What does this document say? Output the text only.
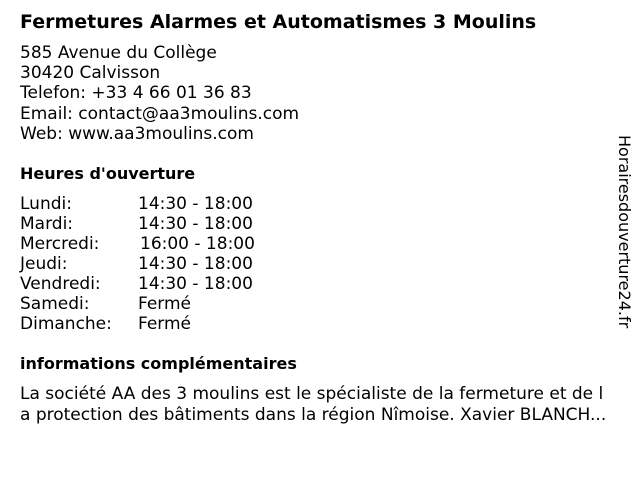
Fermetures Alarmes et Automatismes 3 Moulins
585 Avenue du Collège
30420 Calvisson
Telefon: +33 4 66 01 36 83
Email: contact@aa3moulins.com
Web: www.aa3moulins.com
Heures d'ouverture
Lundi:	14:30 - 18:00
Mardi:	14:30 - 18:00
Mercredi: 16:00 - 18:00
Jeudi:	14:30 - 18:00
Vendredi: 14:30 - 18:00
Samedi:	Fermé
Dimanche: Fermé
informations complémentaires
La société AA des 3 moulins est le spécialiste de la fermeture et de l
a protection des bâtiments dans la région Nîmoise. Xavier BLANCH...
Horairesdouverture24.fr
